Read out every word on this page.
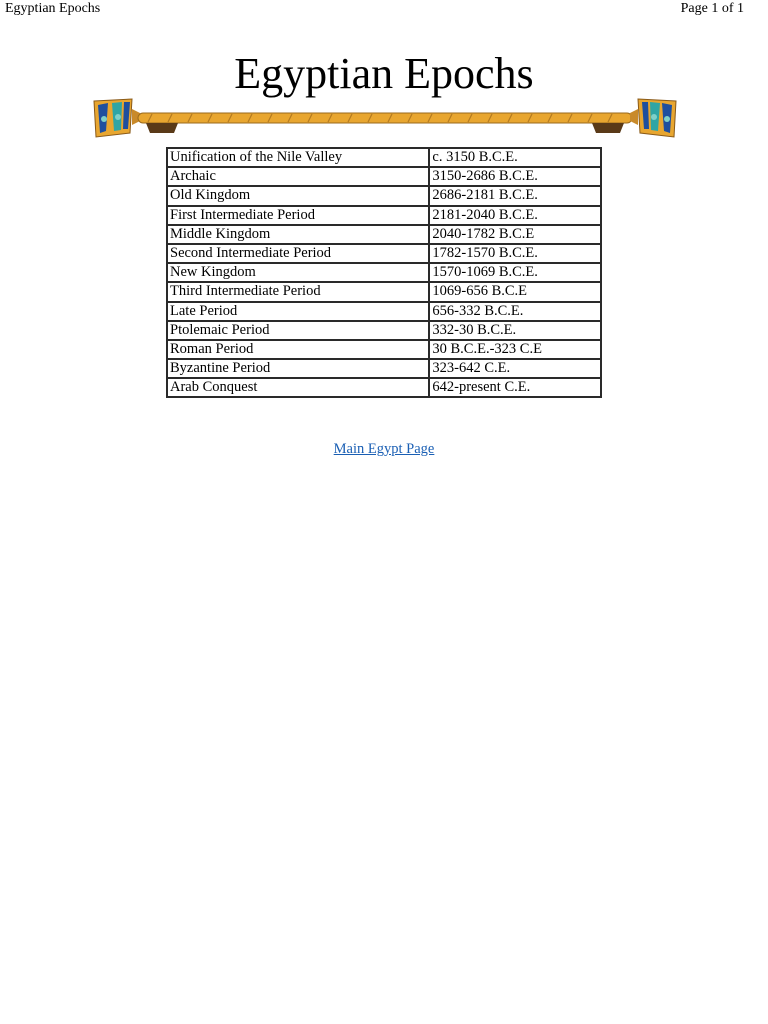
Egyptian Epochs	Page 1 of 1
Egyptian Epochs
Unification of the Nile Valley	c. 3150 B.C.E.
Archaic	3150-2686 B.C.E.
Old Kingdom	2686-2181 B.C.E.
First Intermediate Period	2181-2040 B.C.E.
Middle Kingdom	2040-1782 B.C.E
Second Intermediate Period	1782-1570 B.C.E.
New Kingdom	1570-1069 B.C.E.
Third Intermediate Period	1069-656 B.C.E
Late Period	656-332 B.C.E.
Ptolemaic Period	332-30 B.C.E.
Roman Period	30 B.C.E.-323 C.E
Byzantine Period	323-642 C.E.
Arab Conquest	642-present C.E.
Main Egypt Page
